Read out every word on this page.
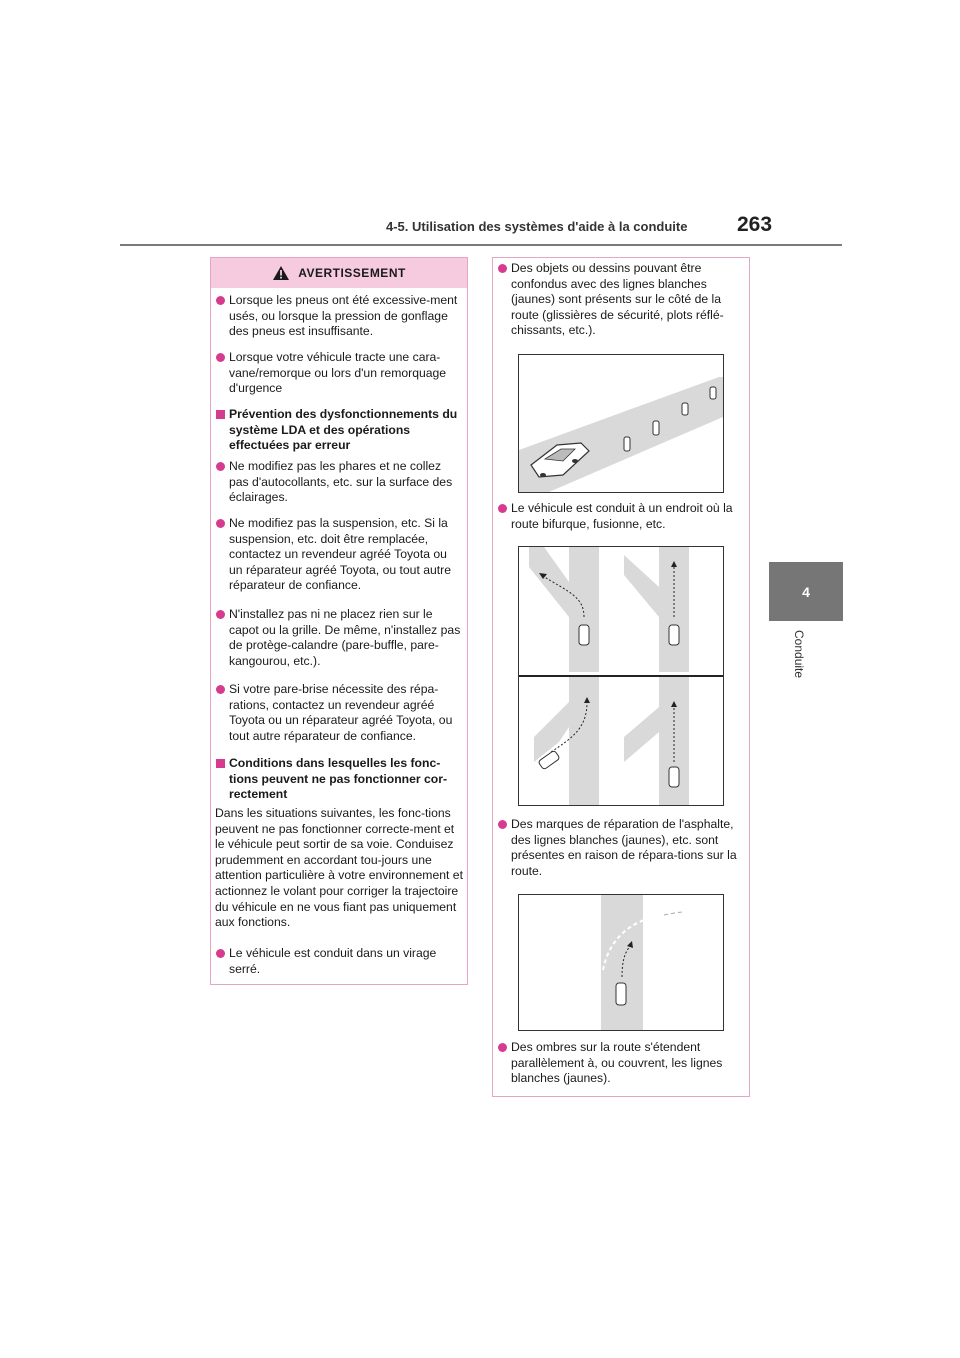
4-5. Utilisation des systèmes d'aide à la conduite 263
4
Conduite
AVERTISSEMENT
Lorsque les pneus ont été excessive-ment usés, ou lorsque la pression de gonflage des pneus est insuffisante.
Lorsque votre véhicule tracte une cara-vane/remorque ou lors d'un remorquage d'urgence
Prévention des dysfonctionnements du système LDA et des opérations effectuées par erreur
Ne modifiez pas les phares et ne collez pas d'autocollants, etc. sur la surface des éclairages.
Ne modifiez pas la suspension, etc. Si la suspension, etc. doit être remplacée, contactez un revendeur agréé Toyota ou un réparateur agréé Toyota, ou tout autre réparateur de confiance.
N'installez pas ni ne placez rien sur le capot ou la grille. De même, n'installez pas de protège-calandre (pare-buffle, pare-kangourou, etc.).
Si votre pare-brise nécessite des répa-rations, contactez un revendeur agréé Toyota ou un réparateur agréé Toyota, ou tout autre réparateur de confiance.
Conditions dans lesquelles les fonc-tions peuvent ne pas fonctionner cor-rectement
Dans les situations suivantes, les fonc-tions peuvent ne pas fonctionner correcte-ment et le véhicule peut sortir de sa voie. Conduisez prudemment en accordant tou-jours une attention particulière à votre environnement et actionnez le volant pour corriger la trajectoire du véhicule en ne vous fiant pas uniquement aux fonctions.
Le véhicule est conduit dans un virage serré.
Des objets ou dessins pouvant être confondus avec des lignes blanches (jaunes) sont présents sur le côté de la route (glissières de sécurité, plots réflé-chissants, etc.).
Le véhicule est conduit à un endroit où la route bifurque, fusionne, etc.
Des marques de réparation de l'asphalte, des lignes blanches (jaunes), etc. sont présentes en raison de répara-tions sur la route.
Des ombres sur la route s'étendent parallèlement à, ou couvrent, les lignes blanches (jaunes).
